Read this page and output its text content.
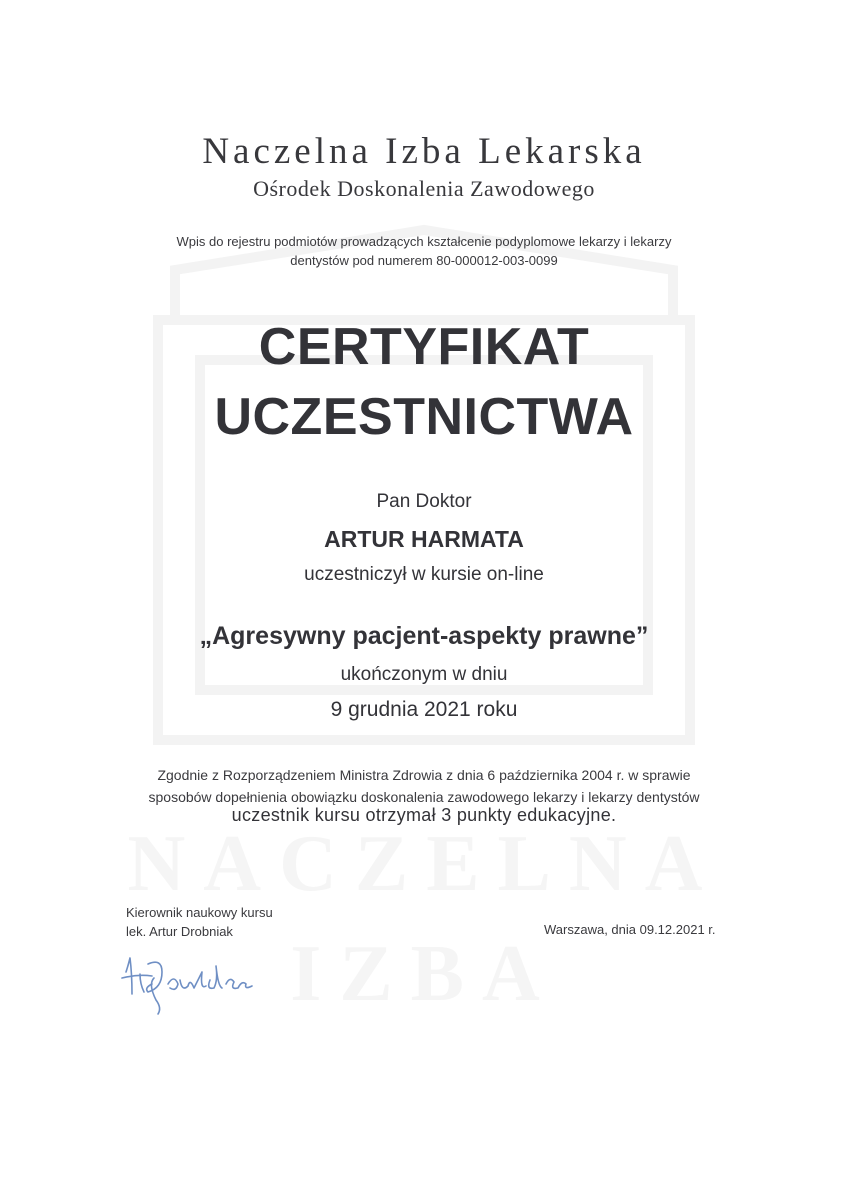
NACZELNA
IZBA
Naczelna Izba Lekarska
Ośrodek Doskonalenia Zawodowego
Wpis do rejestru podmiotów prowadzących kształcenie podyplomowe lekarzy i lekarzy
dentystów pod numerem 80-000012-003-0099
CERTYFIKAT
UCZESTNICTWA
Pan Doktor
ARTUR HARMATA
uczestniczył w kursie on-line
„Agresywny pacjent-aspekty prawne”
ukończonym w dniu
9 grudnia 2021 roku
Zgodnie z Rozporządzeniem Ministra Zdrowia z dnia 6 października 2004 r. w sprawie
sposobów dopełnienia obowiązku doskonalenia zawodowego lekarzy i lekarzy dentystów
uczestnik kursu otrzymał 3 punkty edukacyjne.
Kierownik naukowy kursu
lek. Artur Drobniak	Warszawa, dnia 09.12.2021 r.
